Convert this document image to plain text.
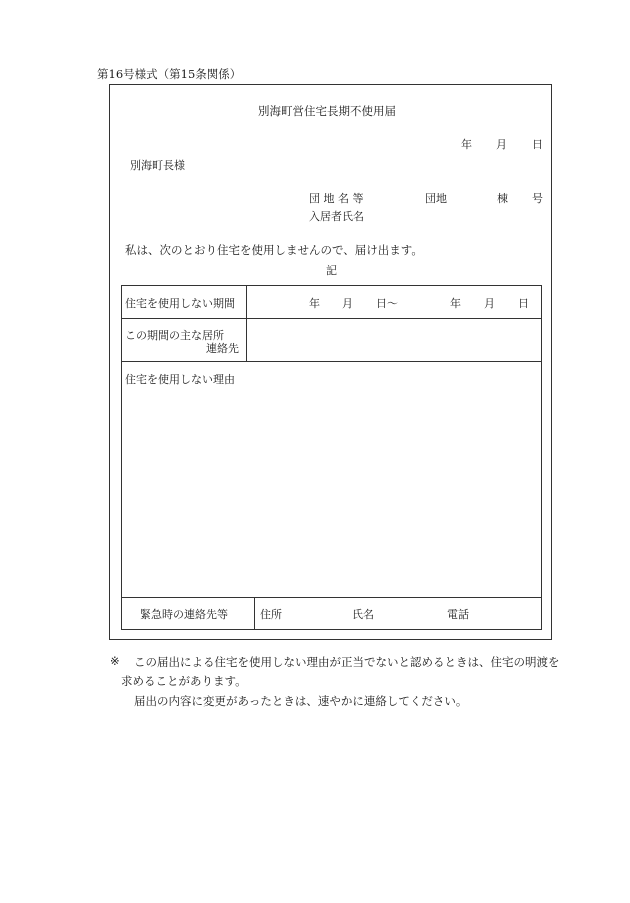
第16号様式（第15条関係）
別海町営住宅長期不使用届
年 月 日
別海町長様
団 地 名 等	団地	棟 号
入居者氏名
私は、次のとおり住宅を使用しませんので、届け出ます。
記
住宅を使用しない期間	年 月 日〜	年 月 日
この期間の主な居所
連絡先
住宅を使用しない理由
緊急時の連絡先等	住所	氏名	電話
※ この届出による住宅を使用しない理由が正当でないと認めるときは、住宅の明渡を
求めることがあります。
届出の内容に変更があったときは、速やかに連絡してください。
